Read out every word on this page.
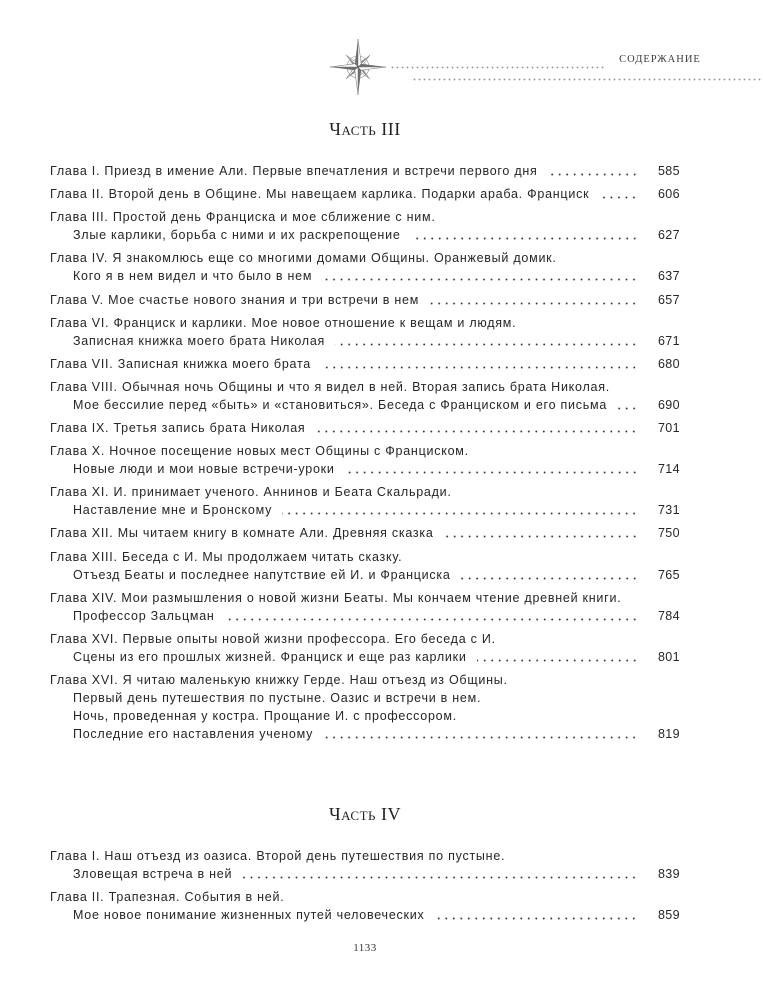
СОДЕРЖАНИЕ
Часть III
Глава I. Приезд в имение Али. Первые впечатления и встречи первого дня	585
Глава II. Второй день в Общине. Мы навещаем карлика. Подарки араба. Франциск	606
Глава III. Простой день Франциска и мое сближение с ним.
Злые карлики, борьба с ними и их раскрепощение	627
Глава IV. Я знакомлюсь еще со многими домами Общины. Оранжевый домик.
Кого я в нем видел и что было в нем	637
Глава V. Мое счастье нового знания и три встречи в нем	657
Глава VI. Франциск и карлики. Мое новое отношение к вещам и людям.
Записная книжка моего брата Николая	671
Глава VII. Записная книжка моего брата	680
Глава VIII. Обычная ночь Общины и что я видел в ней. Вторая запись брата Николая.
Мое бессилие перед «быть» и «становиться». Беседа с Франциском и его письма	690
Глава IX. Третья запись брата Николая	701
Глава X. Ночное посещение новых мест Общины с Франциском.
Новые люди и мои новые встречи-уроки	714
Глава XI. И. принимает ученого. Аннинов и Беата Скальради.
Наставление мне и Бронскому	731
Глава XII. Мы читаем книгу в комнате Али. Древняя сказка	750
Глава XIII. Беседа с И. Мы продолжаем читать сказку.
Отъезд Беаты и последнее напутствие ей И. и Франциска	765
Глава XIV. Мои размышления о новой жизни Беаты. Мы кончаем чтение древней книги.
Профессор Зальцман	784
Глава XVI. Первые опыты новой жизни профессора. Его беседа с И.
Сцены из его прошлых жизней. Франциск и еще раз карлики	801
Глава XVI. Я читаю маленькую книжку Герде. Наш отъезд из Общины.
Первый день путешествия по пустыне. Оазис и встречи в нем.
Ночь, проведенная у костра. Прощание И. с профессором.
Последние его наставления ученому	819
Часть IV
Глава I. Наш отъезд из оазиса. Второй день путешествия по пустыне.
Зловещая встреча в ней	839
Глава II. Трапезная. События в ней.
Мое новое понимание жизненных путей человеческих	859
1133
